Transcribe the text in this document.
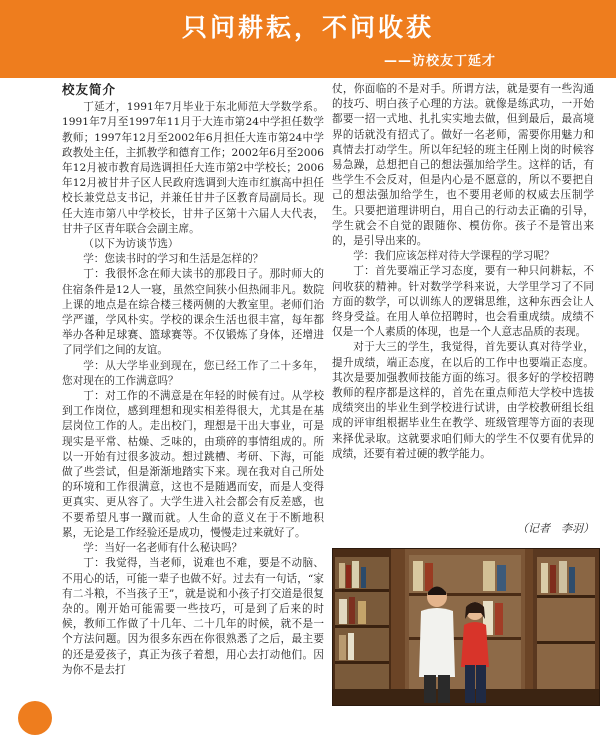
只问耕耘，不问收获
——访校友丁延才
校友简介

丁延才，1991年7月毕业于东北师范大学数学系。1991年7月至1997年11月于大连市第24中学担任数学教师；1997年12月至2002年6月担任大连市第24中学政教处主任，主抓教学和德育工作；2002年6月至2006年12月被市教育局选调担任大连市第2中学校长；2006年12月被甘井子区人民政府选调到大连市红旗高中担任校长兼党总支书记，并兼任甘井子区教育局副局长。现任大连市第八中学校长，甘井子区第十六届人大代表，甘井子区青年联合会副主席。

（以下为访谈节选）

学：您读书时的学习和生活是怎样的？

丁：我很怀念在师大读书的那段日子。那时师大的住宿条件是12人一寝，虽然空间狭小但热闹非凡。数院上课的地点是在综合楼三楼两侧的大教室里。老师们治学严谨，学风朴实。学校的课余生活也很丰富，每年都举办各种足球赛、篮球赛等。不仅锻炼了身体，还增进了同学们之间的友谊。

学：从大学毕业到现在，您已经工作了二十多年，您对现在的工作满意吗？

丁：对工作的不满意是在年轻的时候有过。从学校到工作岗位，感到理想和现实相差得很大，尤其是在基层岗位工作的人。走出校门，理想是干出大事业，可是现实是平常、枯燥、乏味的，由琐碎的事情组成的。所以一开始有过很多波动。想过跳槽、考研、下海，可能做了些尝试，但是渐渐地踏实下来。现在我对自己所处的环境和工作很满意，这也不是随遇而安，而是人变得更真实、更从容了。大学生进入社会都会有反差感，也不要希望凡事一蹴而就。人生命的意义在于不断地积累，无论是工作经验还是成功，慢慢走过来就好了。

学：当好一名老师有什么秘诀吗？

丁：我觉得，当老师，说难也不难，要是不动脑、不用心的话，可能一辈子也做不好。过去有一句话，“家有二斗粮，不当孩子王”，就是说和小孩子打交道是很复杂的。刚开始可能需要一些技巧，可是到了后来的时候，教师工作做了十几年、二十几年的时候，就不是一个方法问题。因为很多东西在你很熟悉了之后，最主要的还是爱孩子，真正为孩子着想，用心去打动他们。因为你不是去打

仗，你面临的不是对手。所谓方法，就是要有一些沟通的技巧、明白孩子心理的方法。就像是练武功，一开始都要一招一式地、扎扎实实地去做，但到最后，最高境界的话就没有招式了。做好一名老师，需要你用魅力和真情去打动学生。所以年纪轻的班主任刚上岗的时候容易急躁，总想把自己的想法强加给学生。这样的话，有些学生不会反对，但是内心是不愿意的，所以不要把自己的想法强加给学生，也不要用老师的权威去压制学生。只要把道理讲明白，用自己的行动去正确的引导，学生就会不自觉的跟随你、模仿你。孩子不是管出来的，是引导出来的。

学：我们应该怎样对待大学课程的学习呢？

丁：首先要端正学习态度，要有一种只问耕耘，不问收获的精神。针对数学学科来说，大学里学习了不同方面的数学，可以训练人的逻辑思维，这种东西会让人终身受益。在用人单位招聘时，也会看重成绩。成绩不仅是一个人素质的体现，也是一个人意志品质的表现。

对于大三的学生，我觉得，首先要认真对待学业，提升成绩，端正态度，在以后的工作中也要端正态度。其次是要加强教师技能方面的练习。很多好的学校招聘教师的程序都是这样的，首先在重点师范大学校中选拔成绩突出的毕业生到学校进行试讲，由学校教研组长组成的评审组根据毕业生在教学、班级管理等方面的表现来择优录取。这就要求咱们师大的学生不仅要有优异的成绩，还要有着过硬的教学能力。

（记者　李羽）
